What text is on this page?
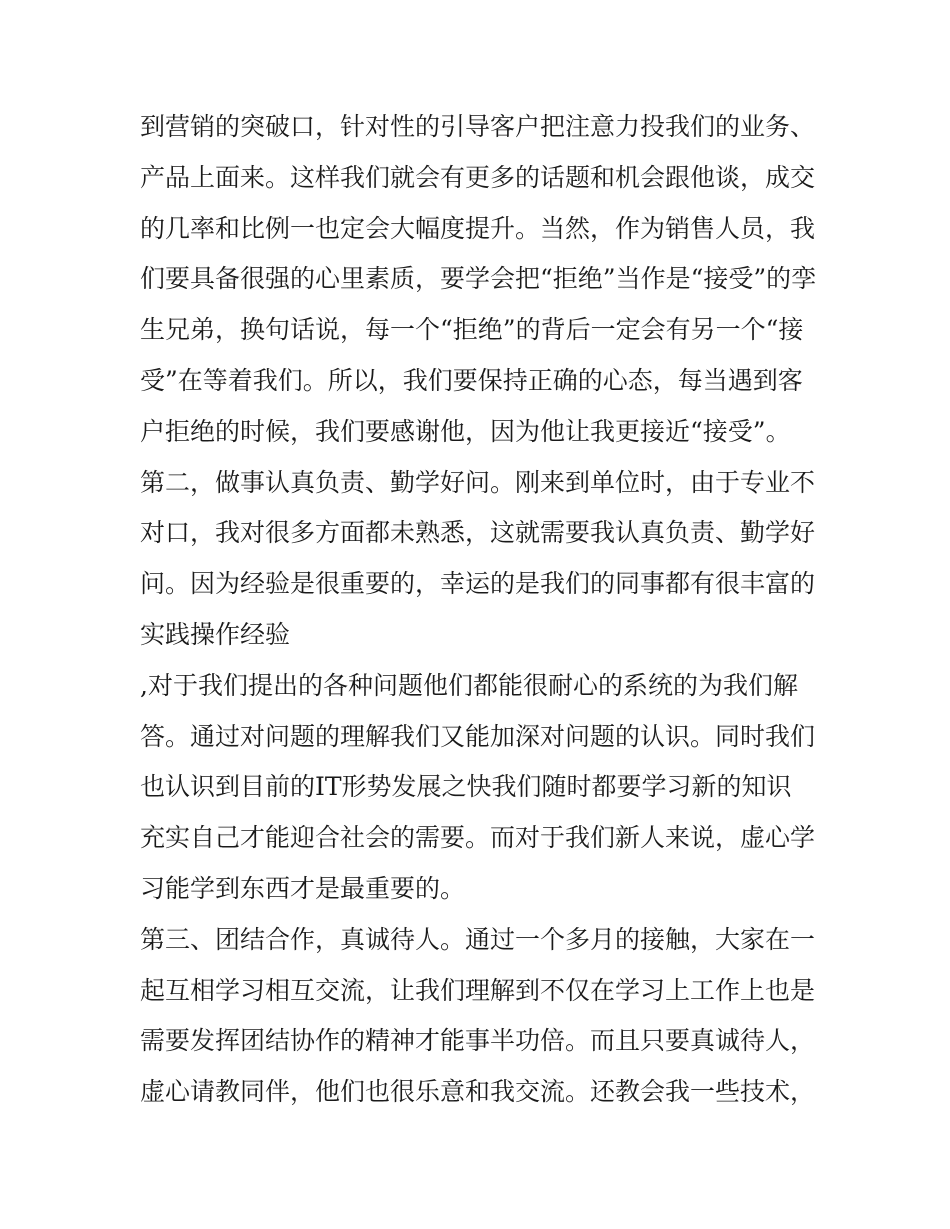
到营销的突破口，针对性的引导客户把注意力投我们的业务、
产品上面来。这样我们就会有更多的话题和机会跟他谈，成交
的几率和比例一也定会大幅度提升。当然，作为销售人员，我
们要具备很强的心里素质，要学会把“拒绝”当作是“接受”的孪
生兄弟，换句话说，每一个“拒绝”的背后一定会有另一个“接
受”在等着我们。所以，我们要保持正确的心态，每当遇到客
户拒绝的时候，我们要感谢他，因为他让我更接近“接受”。
第二，做事认真负责、勤学好问。刚来到单位时，由于专业不
对口，我对很多方面都未熟悉，这就需要我认真负责、勤学好
问。因为经验是很重要的，幸运的是我们的同事都有很丰富的
实践操作经验
,对于我们提出的各种问题他们都能很耐心的系统的为我们解
答。通过对问题的理解我们又能加深对问题的认识。同时我们
也认识到目前的IT形势发展之快我们随时都要学习新的知识
充实自己才能迎合社会的需要。而对于我们新人来说，虚心学
习能学到东西才是最重要的。
第三、团结合作，真诚待人。通过一个多月的接触，大家在一
起互相学习相互交流，让我们理解到不仅在学习上工作上也是
需要发挥团结协作的精神才能事半功倍。而且只要真诚待人，
虚心请教同伴，他们也很乐意和我交流。还教会我一些技术，
